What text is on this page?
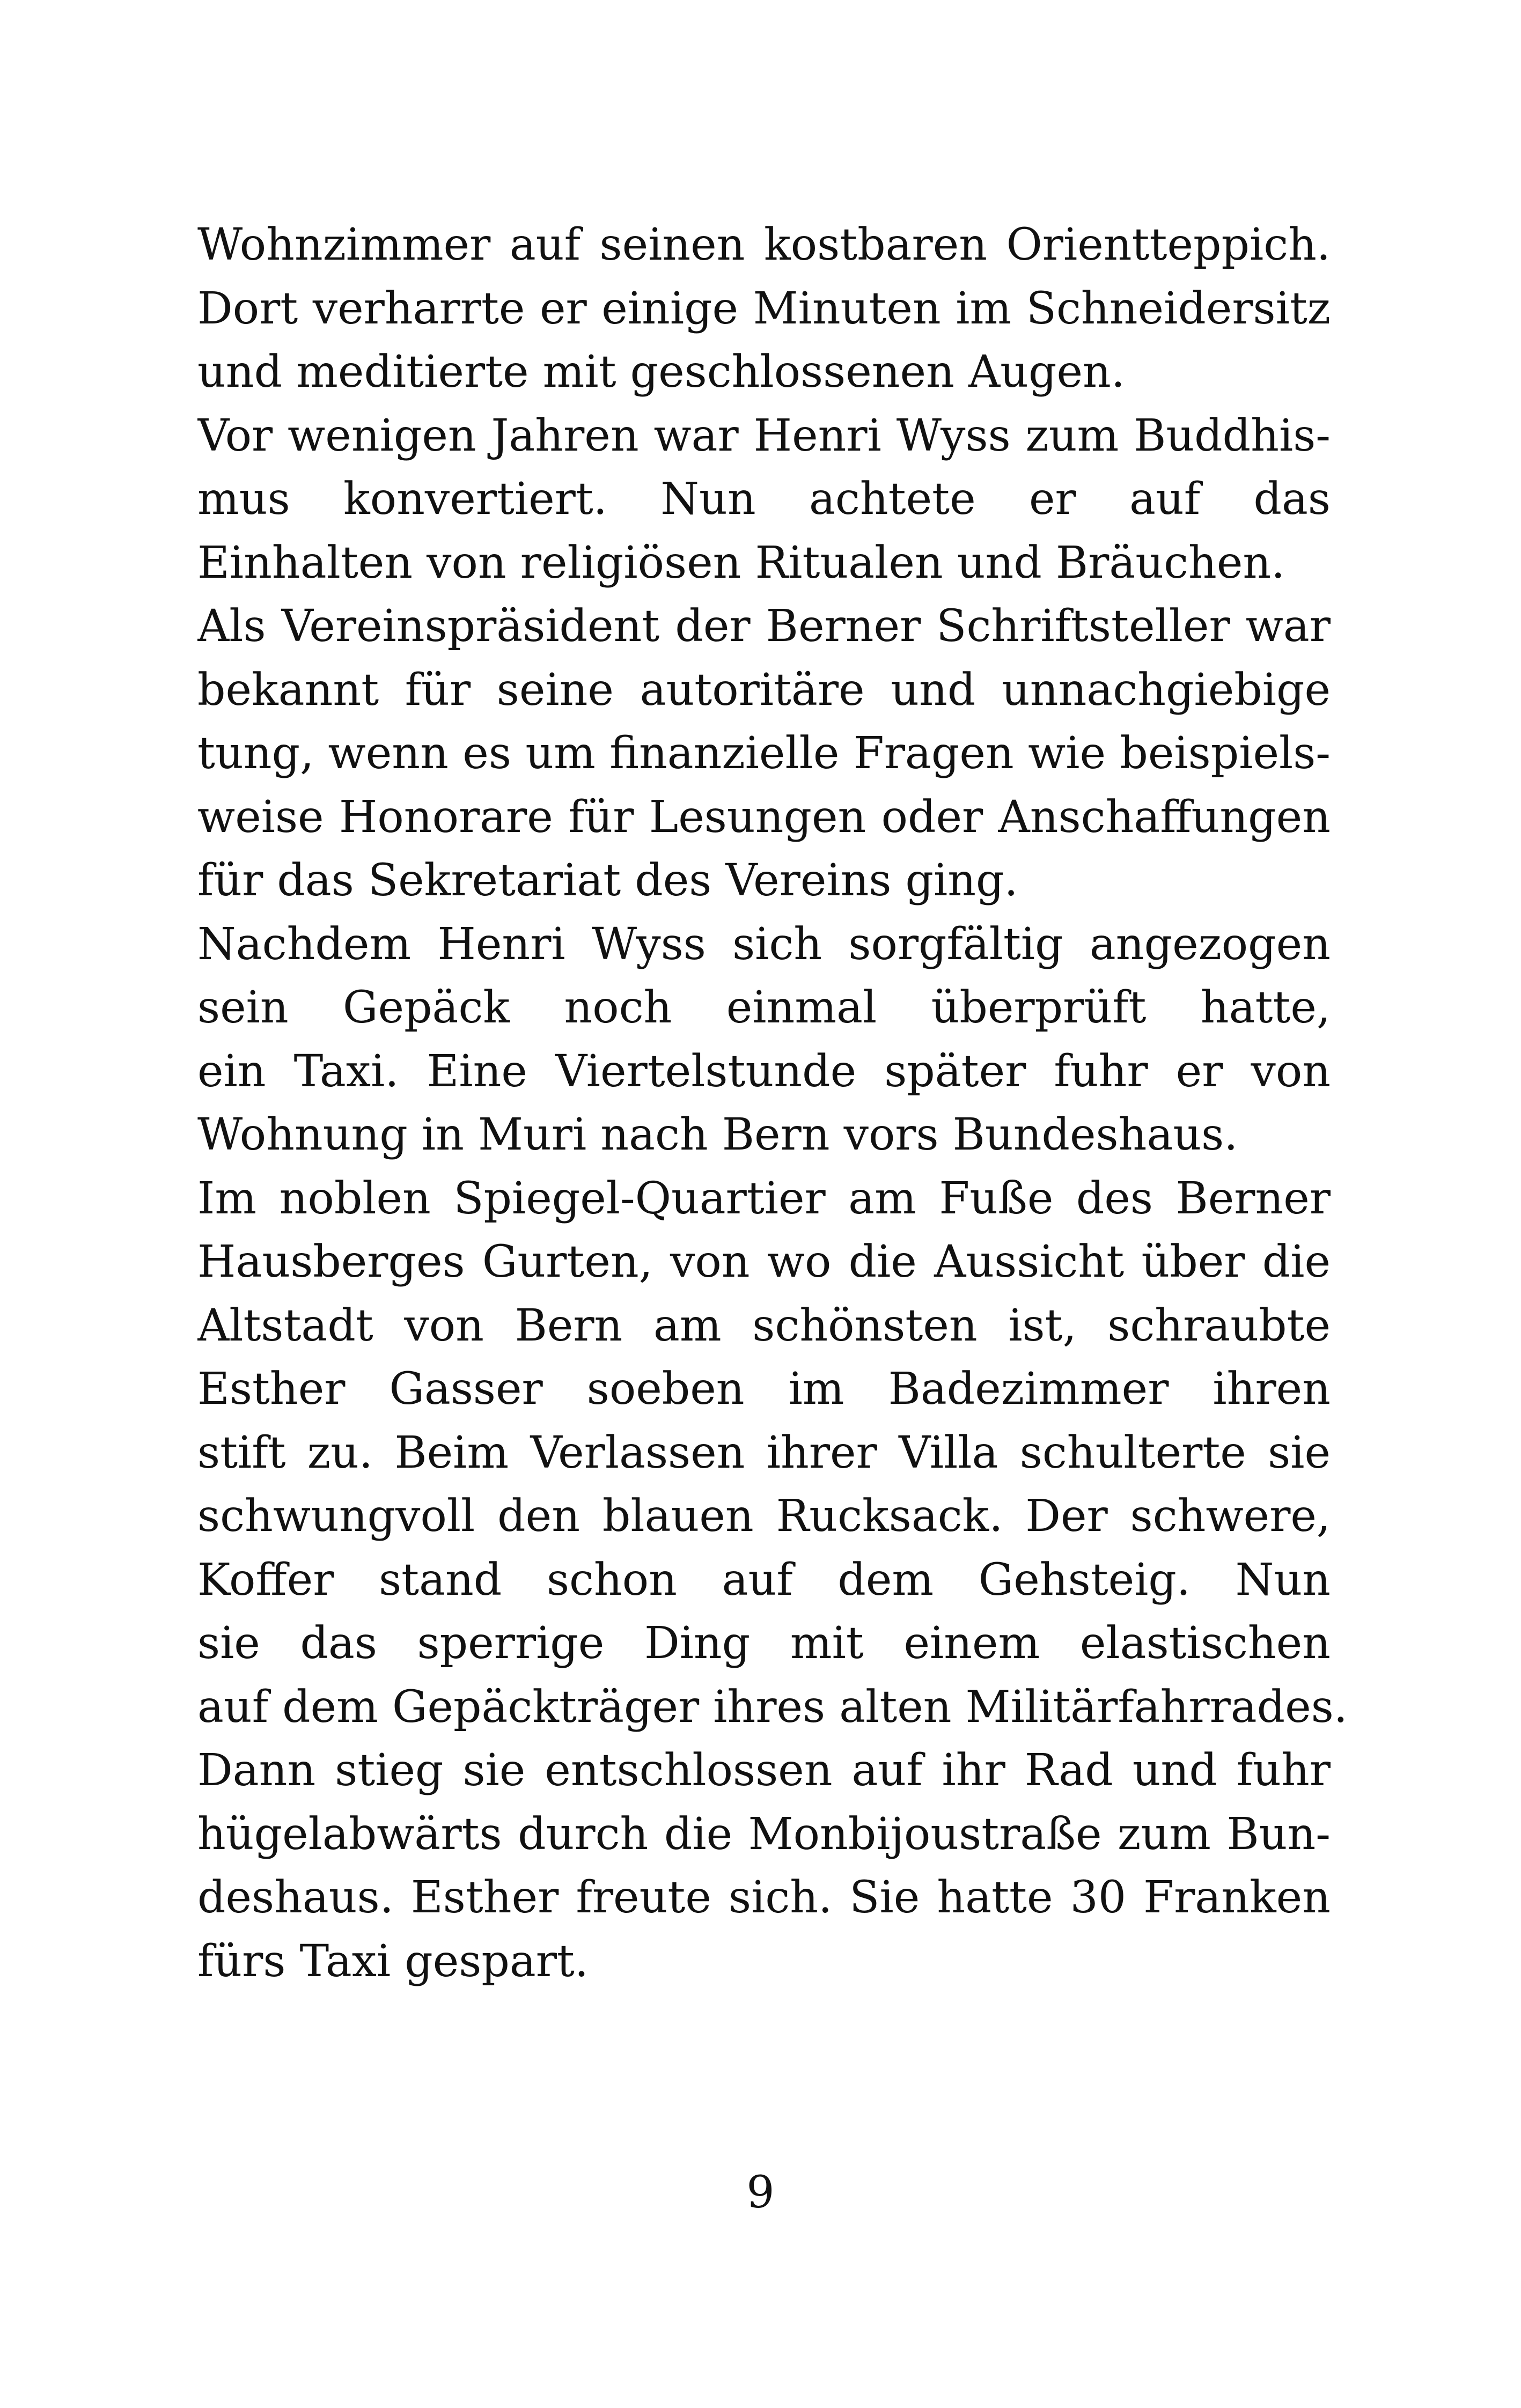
Wohnzimmer auf seinen kostbaren Orientteppich.
Dort verharrte er einige Minuten im Schneidersitz
und meditierte mit geschlossenen Augen.
Vor wenigen Jahren war Henri Wyss zum Buddhis-
mus konvertiert. Nun achtete er auf das
Einhalten von religiösen Ritualen und Bräuchen.
Als Vereinspräsident der Berner Schriftsteller war
bekannt für seine autoritäre und unnachgiebige
tung, wenn es um finanzielle Fragen wie beispiels-
weise Honorare für Lesungen oder Anschaffungen
für das Sekretariat des Vereins ging.
Nachdem Henri Wyss sich sorgfältig angezogen
sein Gepäck noch einmal überprüft hatte,
ein Taxi. Eine Viertelstunde später fuhr er von
Wohnung in Muri nach Bern vors Bundeshaus.
Im noblen Spiegel-Quartier am Fuße des Berner
Hausberges Gurten, von wo die Aussicht über die
Altstadt von Bern am schönsten ist, schraubte
Esther Gasser soeben im Badezimmer ihren
stift zu. Beim Verlassen ihrer Villa schulterte sie
schwungvoll den blauen Rucksack. Der schwere,
Koffer stand schon auf dem Gehsteig. Nun
sie das sperrige Ding mit einem elastischen
auf dem Gepäckträger ihres alten Militärfahrrades.
Dann stieg sie entschlossen auf ihr Rad und fuhr
hügelabwärts durch die Monbijoustraße zum Bun-
deshaus. Esther freute sich. Sie hatte 30 Franken
fürs Taxi gespart.
9
